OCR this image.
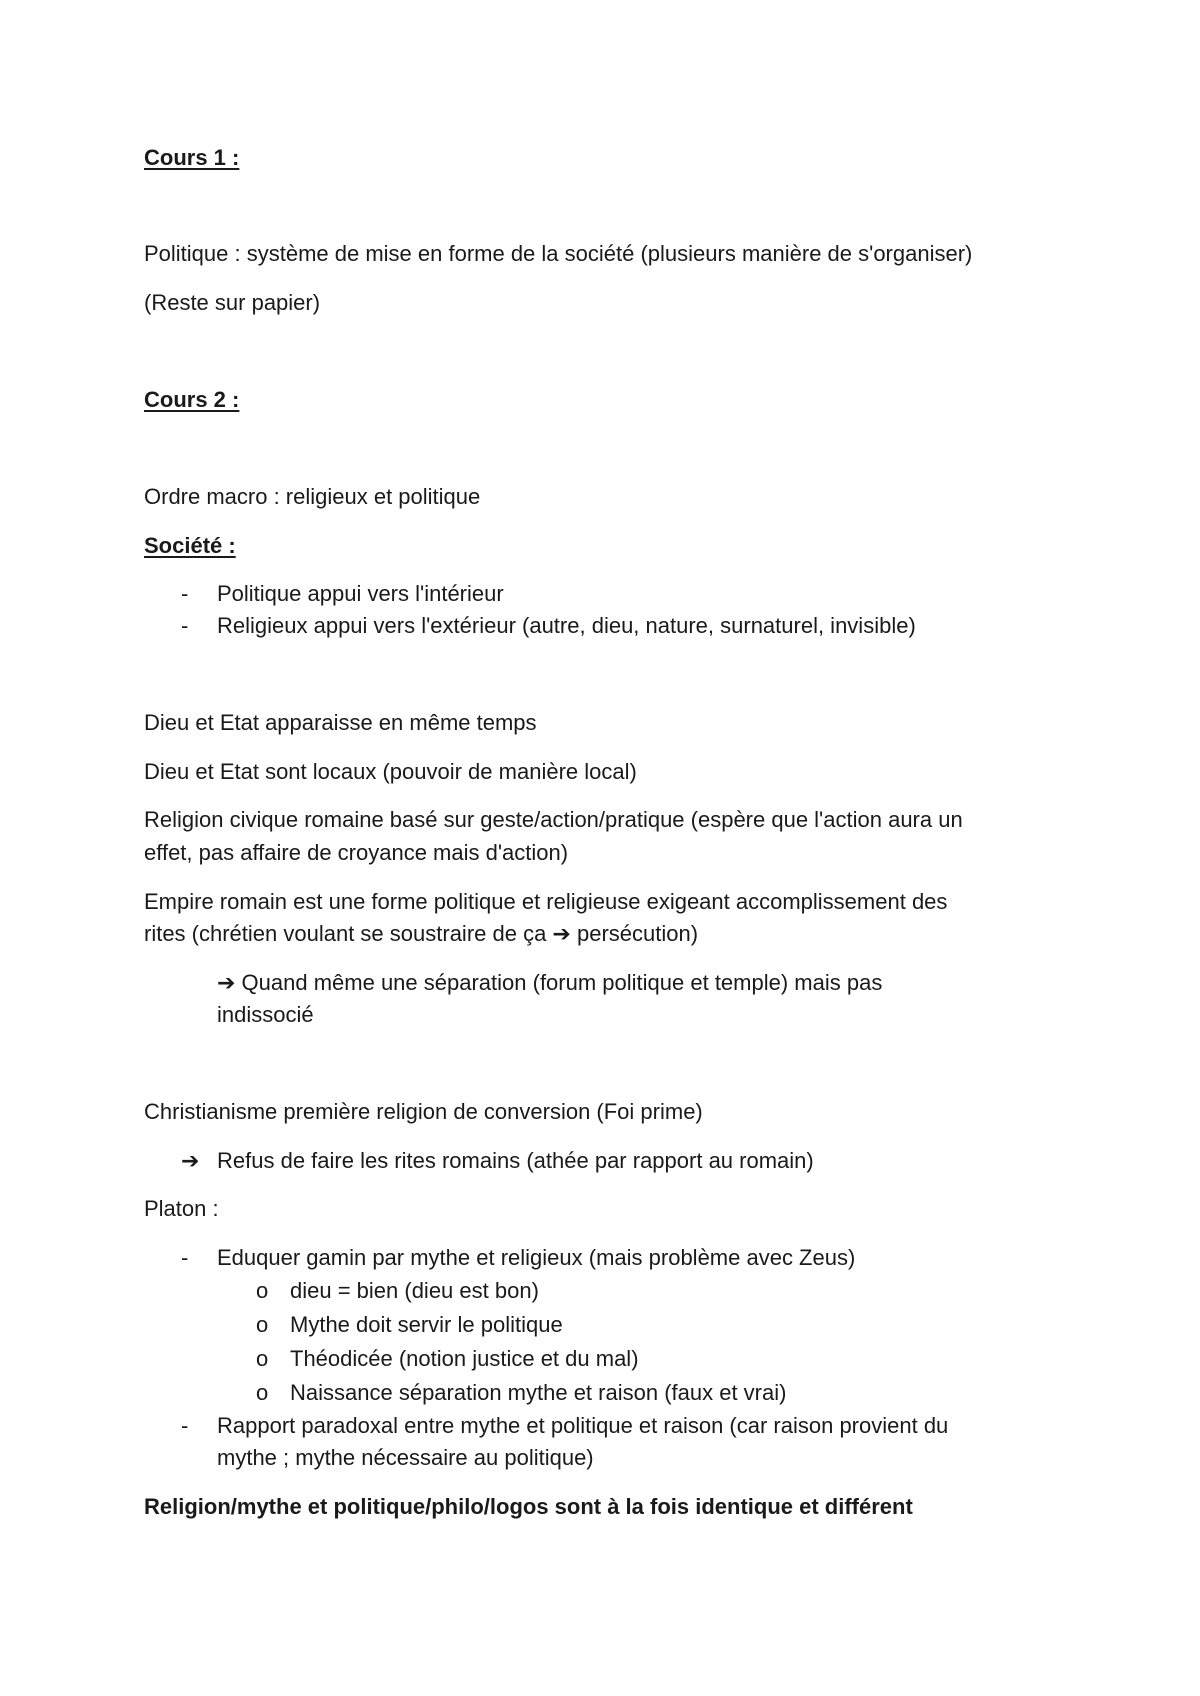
Cours 1 :
Politique : système de mise en forme de la société (plusieurs manière de s'organiser)
(Reste sur papier)
Cours 2 :
Ordre macro : religieux et politique
Société :
- Politique appui vers l'intérieur
- Religieux appui vers l'extérieur (autre, dieu, nature, surnaturel, invisible)
Dieu et Etat apparaisse en même temps
Dieu et Etat sont locaux (pouvoir de manière local)
Religion civique romaine basé sur geste/action/pratique (espère que l'action aura un
effet, pas affaire de croyance mais d'action)
Empire romain est une forme politique et religieuse exigeant accomplissement des
rites (chrétien voulant se soustraire de ça ➔ persécution)
➔ Quand même une séparation (forum politique et temple) mais pas
indissocié
Christianisme première religion de conversion (Foi prime)
➔ Refus de faire les rites romains (athée par rapport au romain)
Platon :
- Eduquer gamin par mythe et religieux (mais problème avec Zeus)
o dieu = bien (dieu est bon)
o Mythe doit servir le politique
o Théodicée (notion justice et du mal)
o Naissance séparation mythe et raison (faux et vrai)
- Rapport paradoxal entre mythe et politique et raison (car raison provient du
mythe ; mythe nécessaire au politique)
Religion/mythe et politique/philo/logos sont à la fois identique et différent
